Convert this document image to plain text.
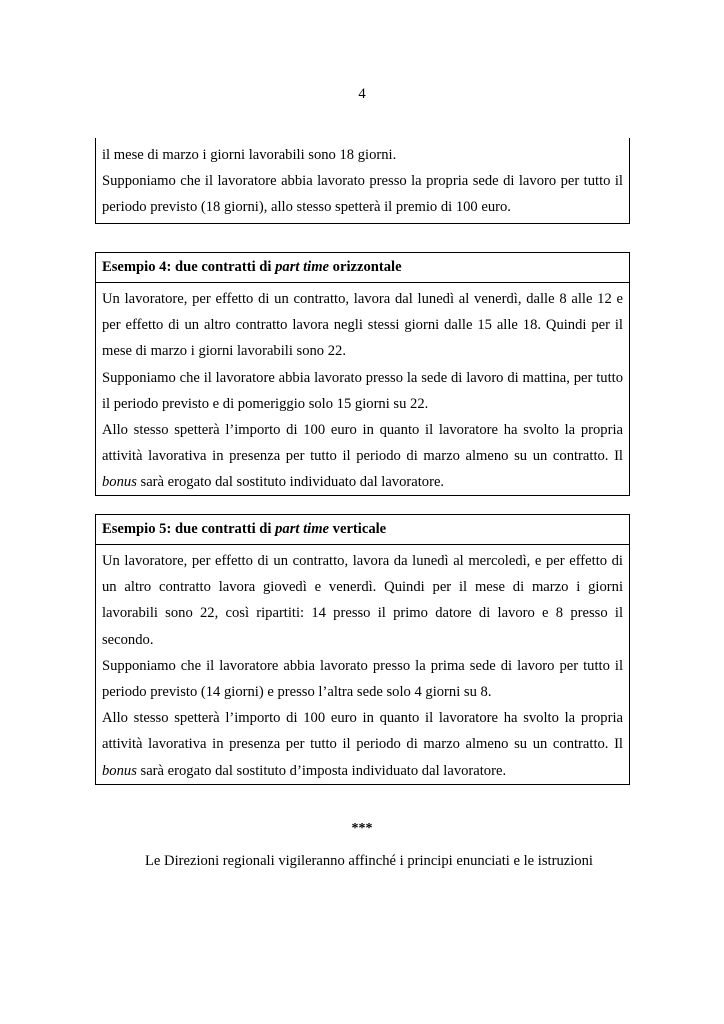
4

il mese di marzo i giorni lavorabili sono 18 giorni.

Supponiamo che il lavoratore abbia lavorato presso la propria sede di lavoro per tutto il periodo previsto (18 giorni), allo stesso spetterà il premio di 100 euro.

Esempio 4: due contratti di part time orizzontale

Un lavoratore, per effetto di un contratto, lavora dal lunedì al venerdì, dalle 8 alle 12 e per effetto di un altro contratto lavora negli stessi giorni dalle 15 alle 18. Quindi per il mese di marzo i giorni lavorabili sono 22.

Supponiamo che il lavoratore abbia lavorato presso la sede di lavoro di mattina, per tutto il periodo previsto e di pomeriggio solo 15 giorni su 22.

Allo stesso spetterà l’importo di 100 euro in quanto il lavoratore ha svolto la propria attività lavorativa in presenza per tutto il periodo di marzo almeno su un contratto. Il bonus sarà erogato dal sostituto individuato dal lavoratore.

Esempio 5: due contratti di part time verticale

Un lavoratore, per effetto di un contratto, lavora da lunedì al mercoledì, e per effetto di un altro contratto lavora giovedì e venerdì. Quindi per il mese di marzo i giorni lavorabili sono 22, così ripartiti: 14 presso il primo datore di lavoro e 8 presso il secondo.

Supponiamo che il lavoratore abbia lavorato presso la prima sede di lavoro per tutto il periodo previsto (14 giorni) e presso l’altra sede solo 4 giorni su 8.

Allo stesso spetterà l’importo di 100 euro in quanto il lavoratore ha svolto la propria attività lavorativa in presenza per tutto il periodo di marzo almeno su un contratto. Il bonus sarà erogato dal sostituto d’imposta individuato dal lavoratore.

***
Le Direzioni regionali vigileranno affinché i principi enunciati e le istruzioni
